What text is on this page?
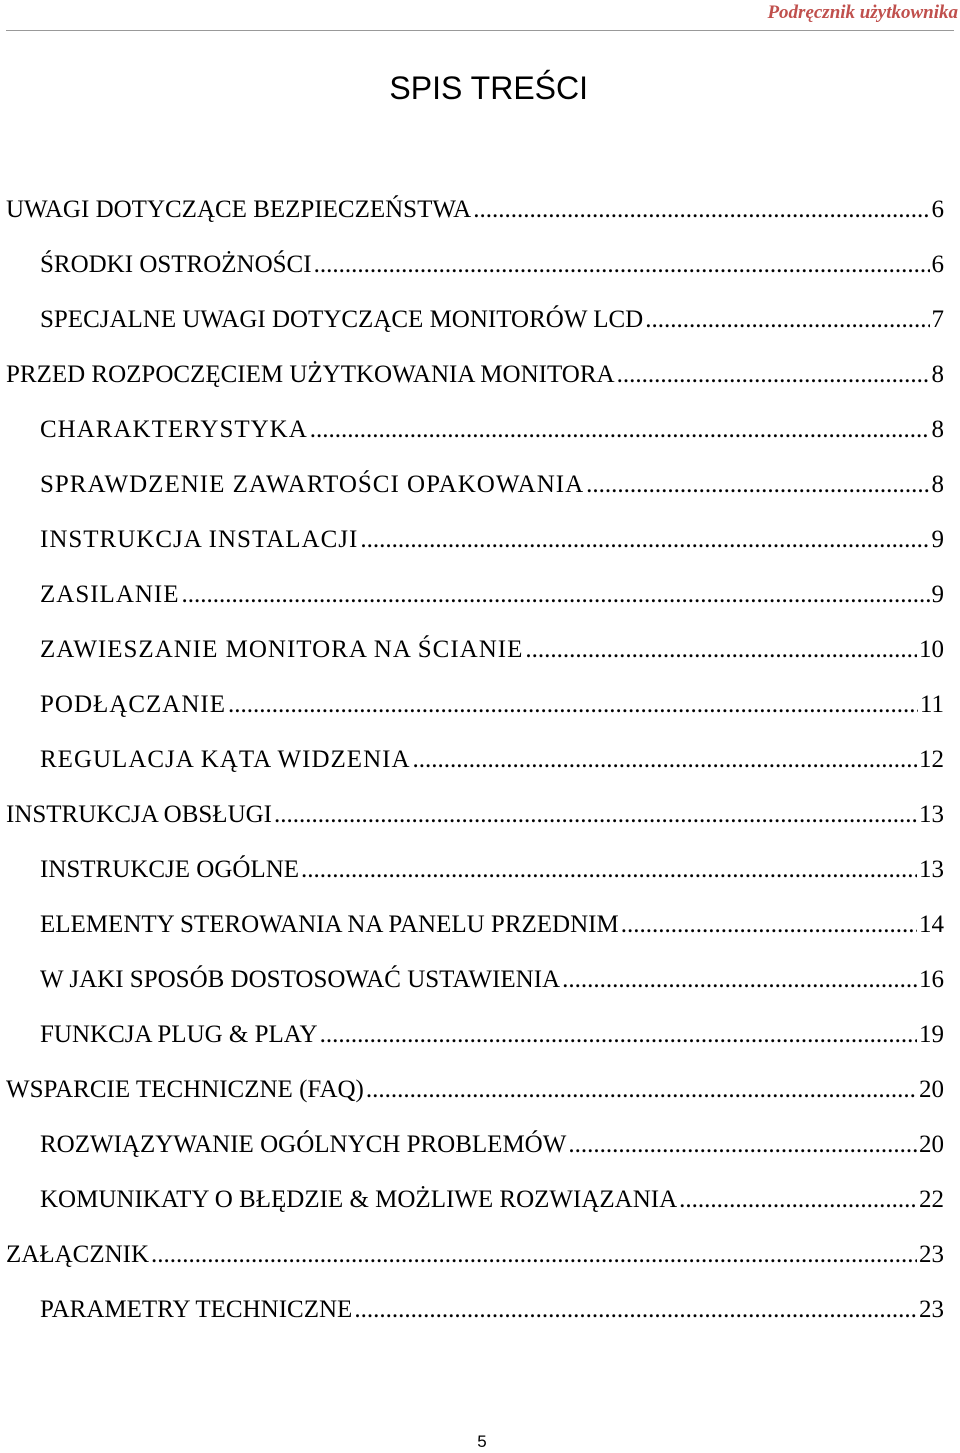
Podręcznik użytkownika
SPIS TREŚCI
UWAGI DOTYCZĄCE BEZPIECZEŃSTWA .....	6
ŚRODKI OSTROŻNOŚCI .....	6
SPECJALNE UWAGI DOTYCZĄCE MONITORÓW LCD .....	7
PRZED ROZPOCZĘCIEM UŻYTKOWANIA MONITORA .....	8
CHARAKTERYSTYKA .....	8
SPRAWDZENIE ZAWARTOŚCI OPAKOWANIA .....	8
INSTRUKCJA INSTALACJI .....	9
ZASILANIE .....	9
ZAWIESZANIE MONITORA NA ŚCIANIE .....	10
PODŁĄCZANIE .....	11
REGULACJA KĄTA WIDZENIA .....	12
INSTRUKCJA OBSŁUGI .....	13
INSTRUKCJE OGÓLNE .....	13
ELEMENTY STEROWANIA NA PANELU PRZEDNIM .....	14
W JAKI SPOSÓB DOSTOSOWAĆ USTAWIENIA .....	16
FUNKCJA PLUG & PLAY .....	19
WSPARCIE TECHNICZNE (FAQ) .....	20
ROZWIĄZYWANIE OGÓLNYCH PROBLEMÓW .....	20
KOMUNIKATY O BŁĘDZIE & MOŻLIWE ROZWIĄZANIA .....	22
ZAŁĄCZNIK .....	23
PARAMETRY TECHNICZNE .....	23
5
